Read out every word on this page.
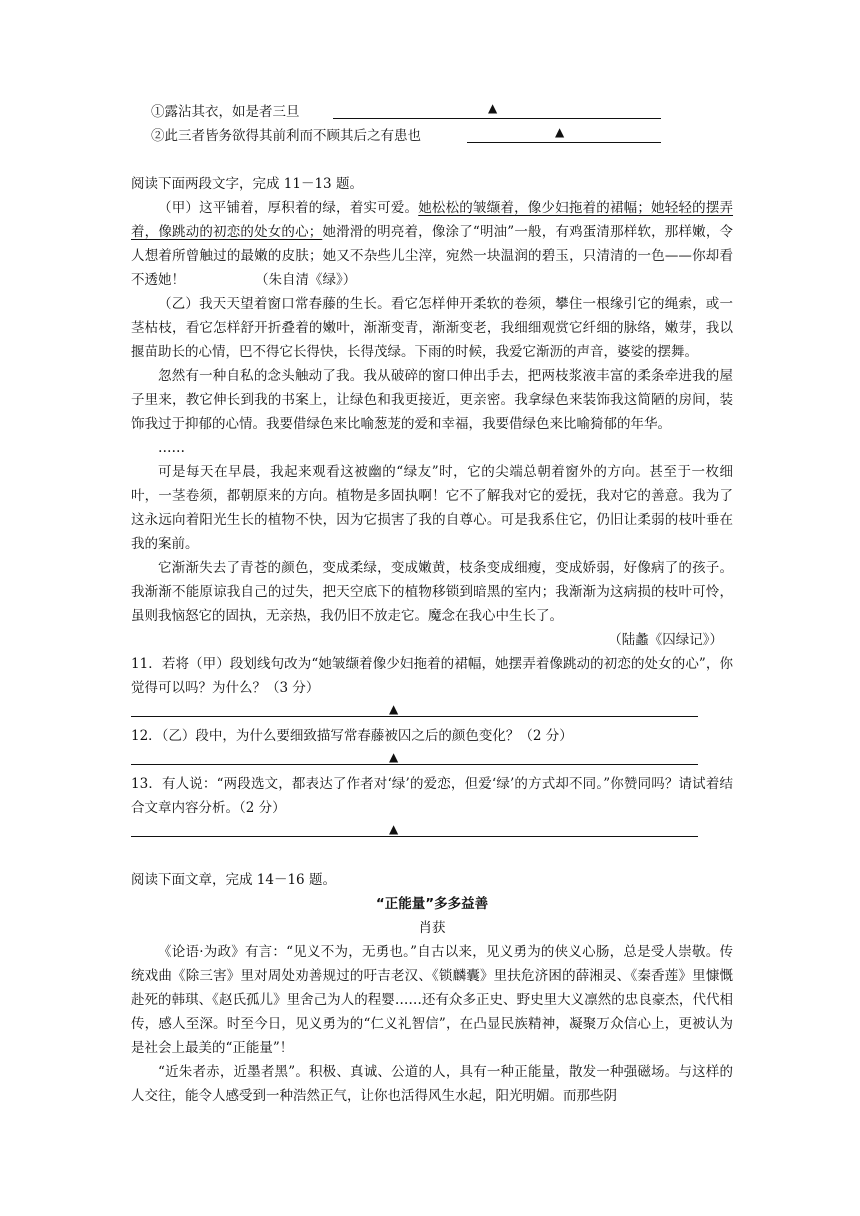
①露沾其衣，如是者三旦	▲
②此三者皆务欲得其前利而不顾其后之有患也	▲

阅读下面两段文字，完成 11－13 题。

（甲）这平铺着，厚积着的绿，着实可爱。她松松的皱缬着，像少妇拖着的裙幅；她轻轻的摆弄着，像跳动的初恋的处女的心；她滑滑的明亮着，像涂了“明油”一般，有鸡蛋清那样软，那样嫩，令人想着所曾触过的最嫩的皮肤；她又不杂些儿尘滓，宛然一块温润的碧玉，只清清的一色——你却看不透她！	（朱自清《绿》）

（乙）我天天望着窗口常春藤的生长。看它怎样伸开柔软的卷须，攀住一根缘引它的绳索，或一茎枯枝，看它怎样舒开折叠着的嫩叶，渐渐变青，渐渐变老，我细细观赏它纤细的脉络，嫩芽，我以揠苗助长的心情，巴不得它长得快，长得茂绿。下雨的时候，我爱它渐沥的声音，婆娑的摆舞。

忽然有一种自私的念头触动了我。我从破碎的窗口伸出手去，把两枝浆液丰富的柔条牵进我的屋子里来，教它伸长到我的书案上，让绿色和我更接近，更亲密。我拿绿色来装饰我这简陋的房间，装饰我过于抑郁的心情。我要借绿色来比喻葱茏的爱和幸福，我要借绿色来比喻猗郁的年华。

……

可是每天在早晨，我起来观看这被幽的“绿友”时，它的尖端总朝着窗外的方向。甚至于一枚细叶，一茎卷须，都朝原来的方向。植物是多固执啊！它不了解我对它的爱抚，我对它的善意。我为了这永远向着阳光生长的植物不快，因为它损害了我的自尊心。可是我系住它，仍旧让柔弱的枝叶垂在我的案前。

它渐渐失去了青苍的颜色，变成柔绿，变成嫩黄，枝条变成细瘦，变成娇弱，好像病了的孩子。我渐渐不能原谅我自己的过失，把天空底下的植物移锁到暗黑的室内；我渐渐为这病损的枝叶可怜，虽则我恼怒它的固执，无亲热，我仍旧不放走它。魔念在我心中生长了。

（陆蠡《囚绿记》）

11．若将（甲）段划线句改为“她皱缬着像少妇拖着的裙幅，她摆弄着像跳动的初恋的处女的心”，你觉得可以吗？为什么？（3 分）

▲

12．（乙）段中，为什么要细致描写常春藤被囚之后的颜色变化？（2 分）

▲

13．有人说：“两段选文，都表达了作者对‘绿’的爱恋，但爱‘绿’的方式却不同。”你赞同吗？请试着结合文章内容分析。（2 分）

▲

阅读下面文章，完成 14－16 题。

“正能量”多多益善

肖获

《论语·为政》有言：“见义不为，无勇也。”自古以来，见义勇为的侠义心肠，总是受人崇敬。传统戏曲《除三害》里对周处劝善规过的吁吉老汉、《锁麟囊》里扶危济困的薛湘灵、《秦香莲》里慷慨赴死的韩琪、《赵氏孤儿》里舍己为人的程婴……还有众多正史、野史里大义凛然的忠良豪杰，代代相传，感人至深。时至今日，见义勇为的“仁义礼智信”，在凸显民族精神，凝聚万众信心上，更被认为是社会上最美的“正能量”！

“近朱者赤，近墨者黑”。积极、真诚、公道的人，具有一种正能量，散发一种强磁场。与这样的人交往，能令人感受到一种浩然正气，让你也活得风生水起，阳光明媚。而那些阴
